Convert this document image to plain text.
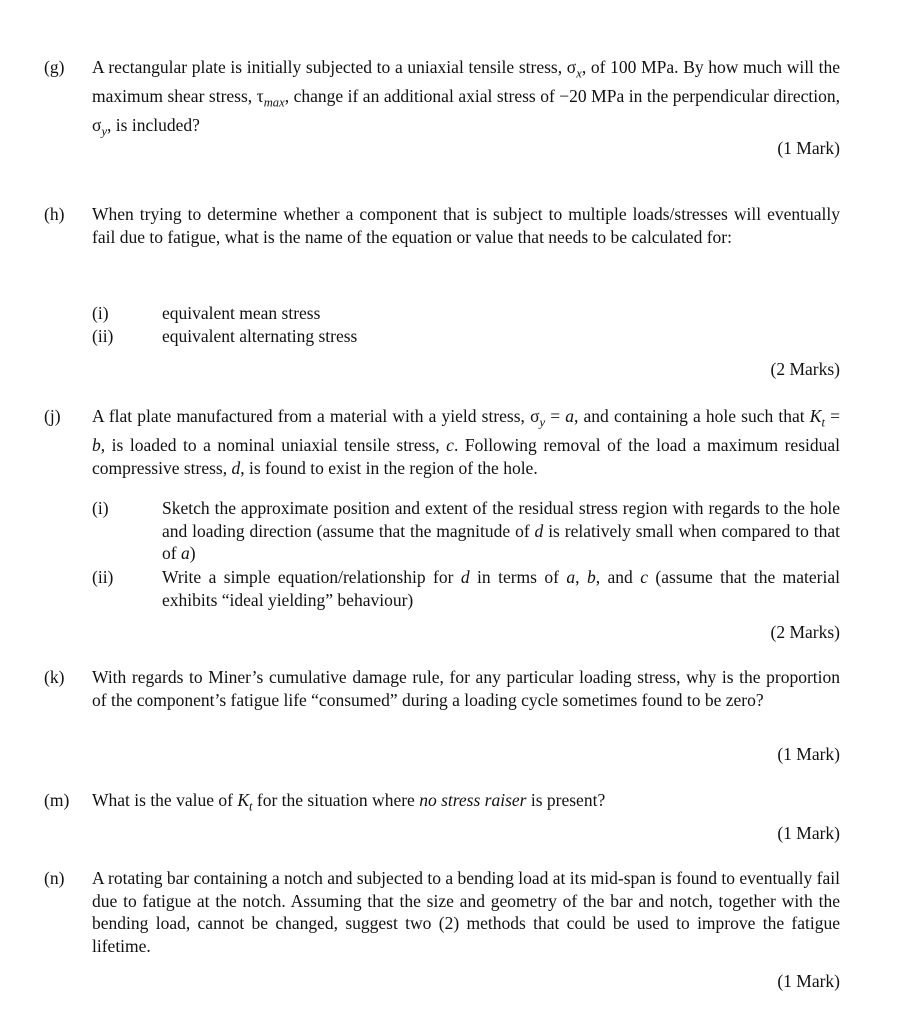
(g) A rectangular plate is initially subjected to a uniaxial tensile stress, $\sigma_x$, of 100 MPa. By how much will the maximum shear stress, $\tau_{max}$, change if an additional axial stress of −20 MPa in the perpendicular direction, $\sigma_y$, is included?
(1 Mark)
(h) When trying to determine whether a component that is subject to multiple loads/stresses will eventually fail due to fatigue, what is the name of the equation or value that needs to be calculated for:
(i)	equivalent mean stress
(ii)	equivalent alternating stress
(2 Marks)
(j) A flat plate manufactured from a material with a yield stress, $\sigma_y = a$, and containing a hole such that $K_t = b$, is loaded to a nominal uniaxial tensile stress, c. Following removal of the load a maximum residual compressive stress, d, is found to exist in the region of the hole.
(i)	Sketch the approximate position and extent of the residual stress region with regards to the hole and loading direction (assume that the magnitude of d is relatively small when compared to that of a)
(ii)	Write a simple equation/relationship for d in terms of a, b, and c (assume that the material exhibits “ideal yielding” behaviour)
(2 Marks)
(k) With regards to Miner’s cumulative damage rule, for any particular loading stress, why is the proportion of the component’s fatigue life “consumed” during a loading cycle sometimes found to be zero?
(1 Mark)
(m) What is the value of $K_t$ for the situation where no stress raiser is present?
(1 Mark)
(n) A rotating bar containing a notch and subjected to a bending load at its mid-span is found to eventually fail due to fatigue at the notch. Assuming that the size and geometry of the bar and notch, together with the bending load, cannot be changed, suggest two (2) methods that could be used to improve the fatigue lifetime.
(1 Mark)
